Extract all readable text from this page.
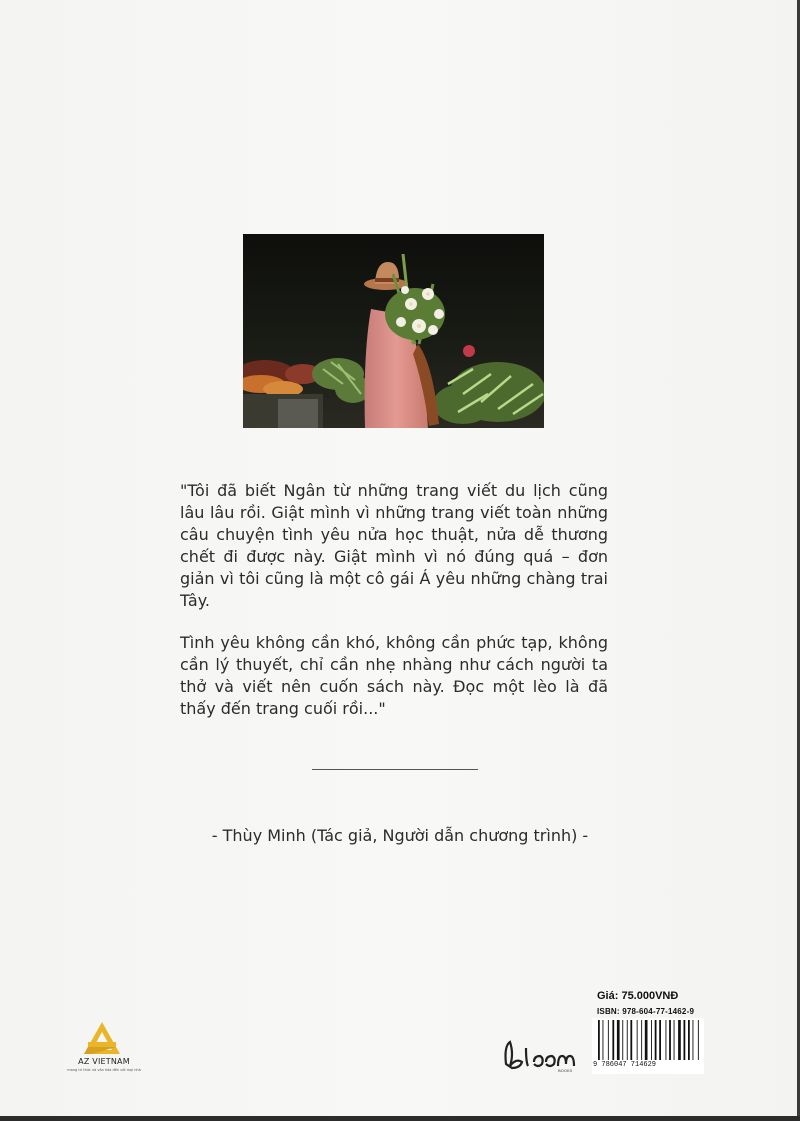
"Tôi đã biết Ngân từ những trang viết du lịch cũng lâu lâu rồi. Giật mình vì những trang viết toàn những câu chuyện tình yêu nửa học thuật, nửa dễ thương chết đi được này. Giật mình vì nó đúng quá – đơn giản vì tôi cũng là một cô gái Á yêu những chàng trai Tây.

Tình yêu không cần khó, không cần phức tạp, không cần lý thuyết, chỉ cần nhẹ nhàng như cách người ta thở và viết nên cuốn sách này. Đọc một lèo là đã thấy đến trang cuối rồi..."

- Thùy Minh (Tác giả, Người dẫn chương trình) -
AZ VIETNAM
mang tri thức và văn hóa đến với mọi nhà	BOOKS
Giá: 75.000VNĐ
ISBN: 978-604-77-1462-9
9 786047 714629
